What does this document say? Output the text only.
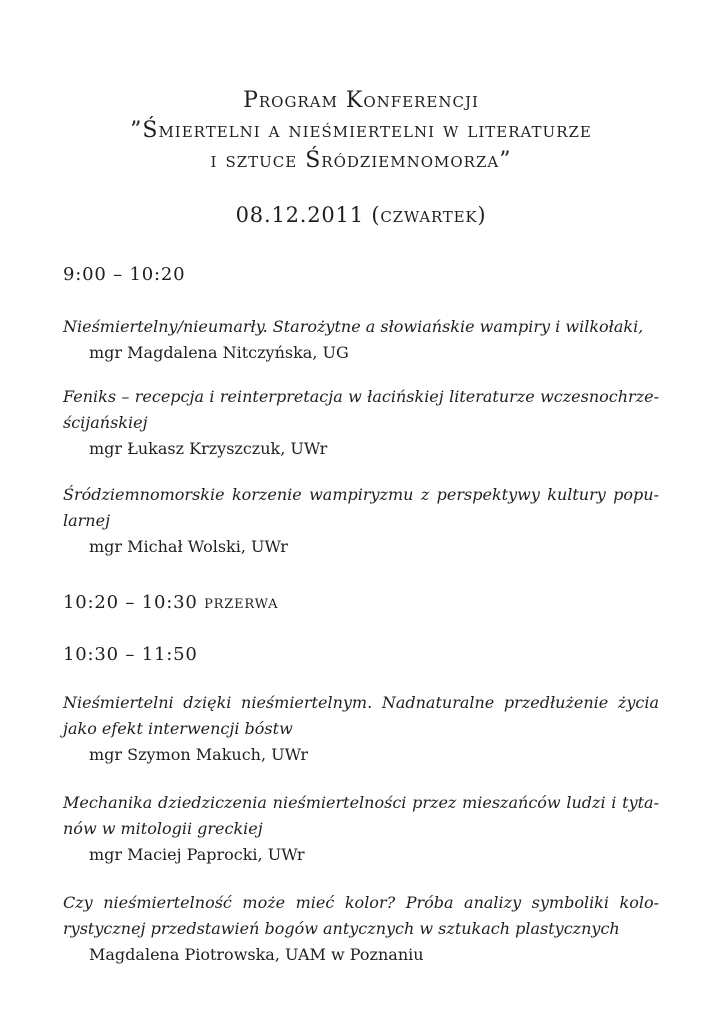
Program Konferencji
”Śmiertelni a nieśmiertelni w literaturze
i sztuce Śródziemnomorza”
08.12.2011 (czwartek)
9:00 – 10:20
Nieśmiertelny/nieumarły. Starożytne a słowiańskie wampiry i wilkołaki,
mgr Magdalena Nitczyńska, UG
Feniks – recepcja i reinterpretacja w łacińskiej literaturze wczesnochrze-ścijańskiej
mgr Łukasz Krzyszczuk, UWr
Śródziemnomorskie korzenie wampiryzmu z perspektywy kultury popu-larnej
mgr Michał Wolski, UWr
10:20 – 10:30 przerwa
10:30 – 11:50
Nieśmiertelni dzięki nieśmiertelnym. Nadnaturalne przedłużenie życia jako efekt interwencji bóstw
mgr Szymon Makuch, UWr
Mechanika dziedziczenia nieśmiertelności przez mieszańców ludzi i tyta-nów w mitologii greckiej
mgr Maciej Paprocki, UWr
Czy nieśmiertelność może mieć kolor? Próba analizy symboliki kolo-rystycznej przedstawień bogów antycznych w sztukach plastycznych
Magdalena Piotrowska, UAM w Poznaniu
